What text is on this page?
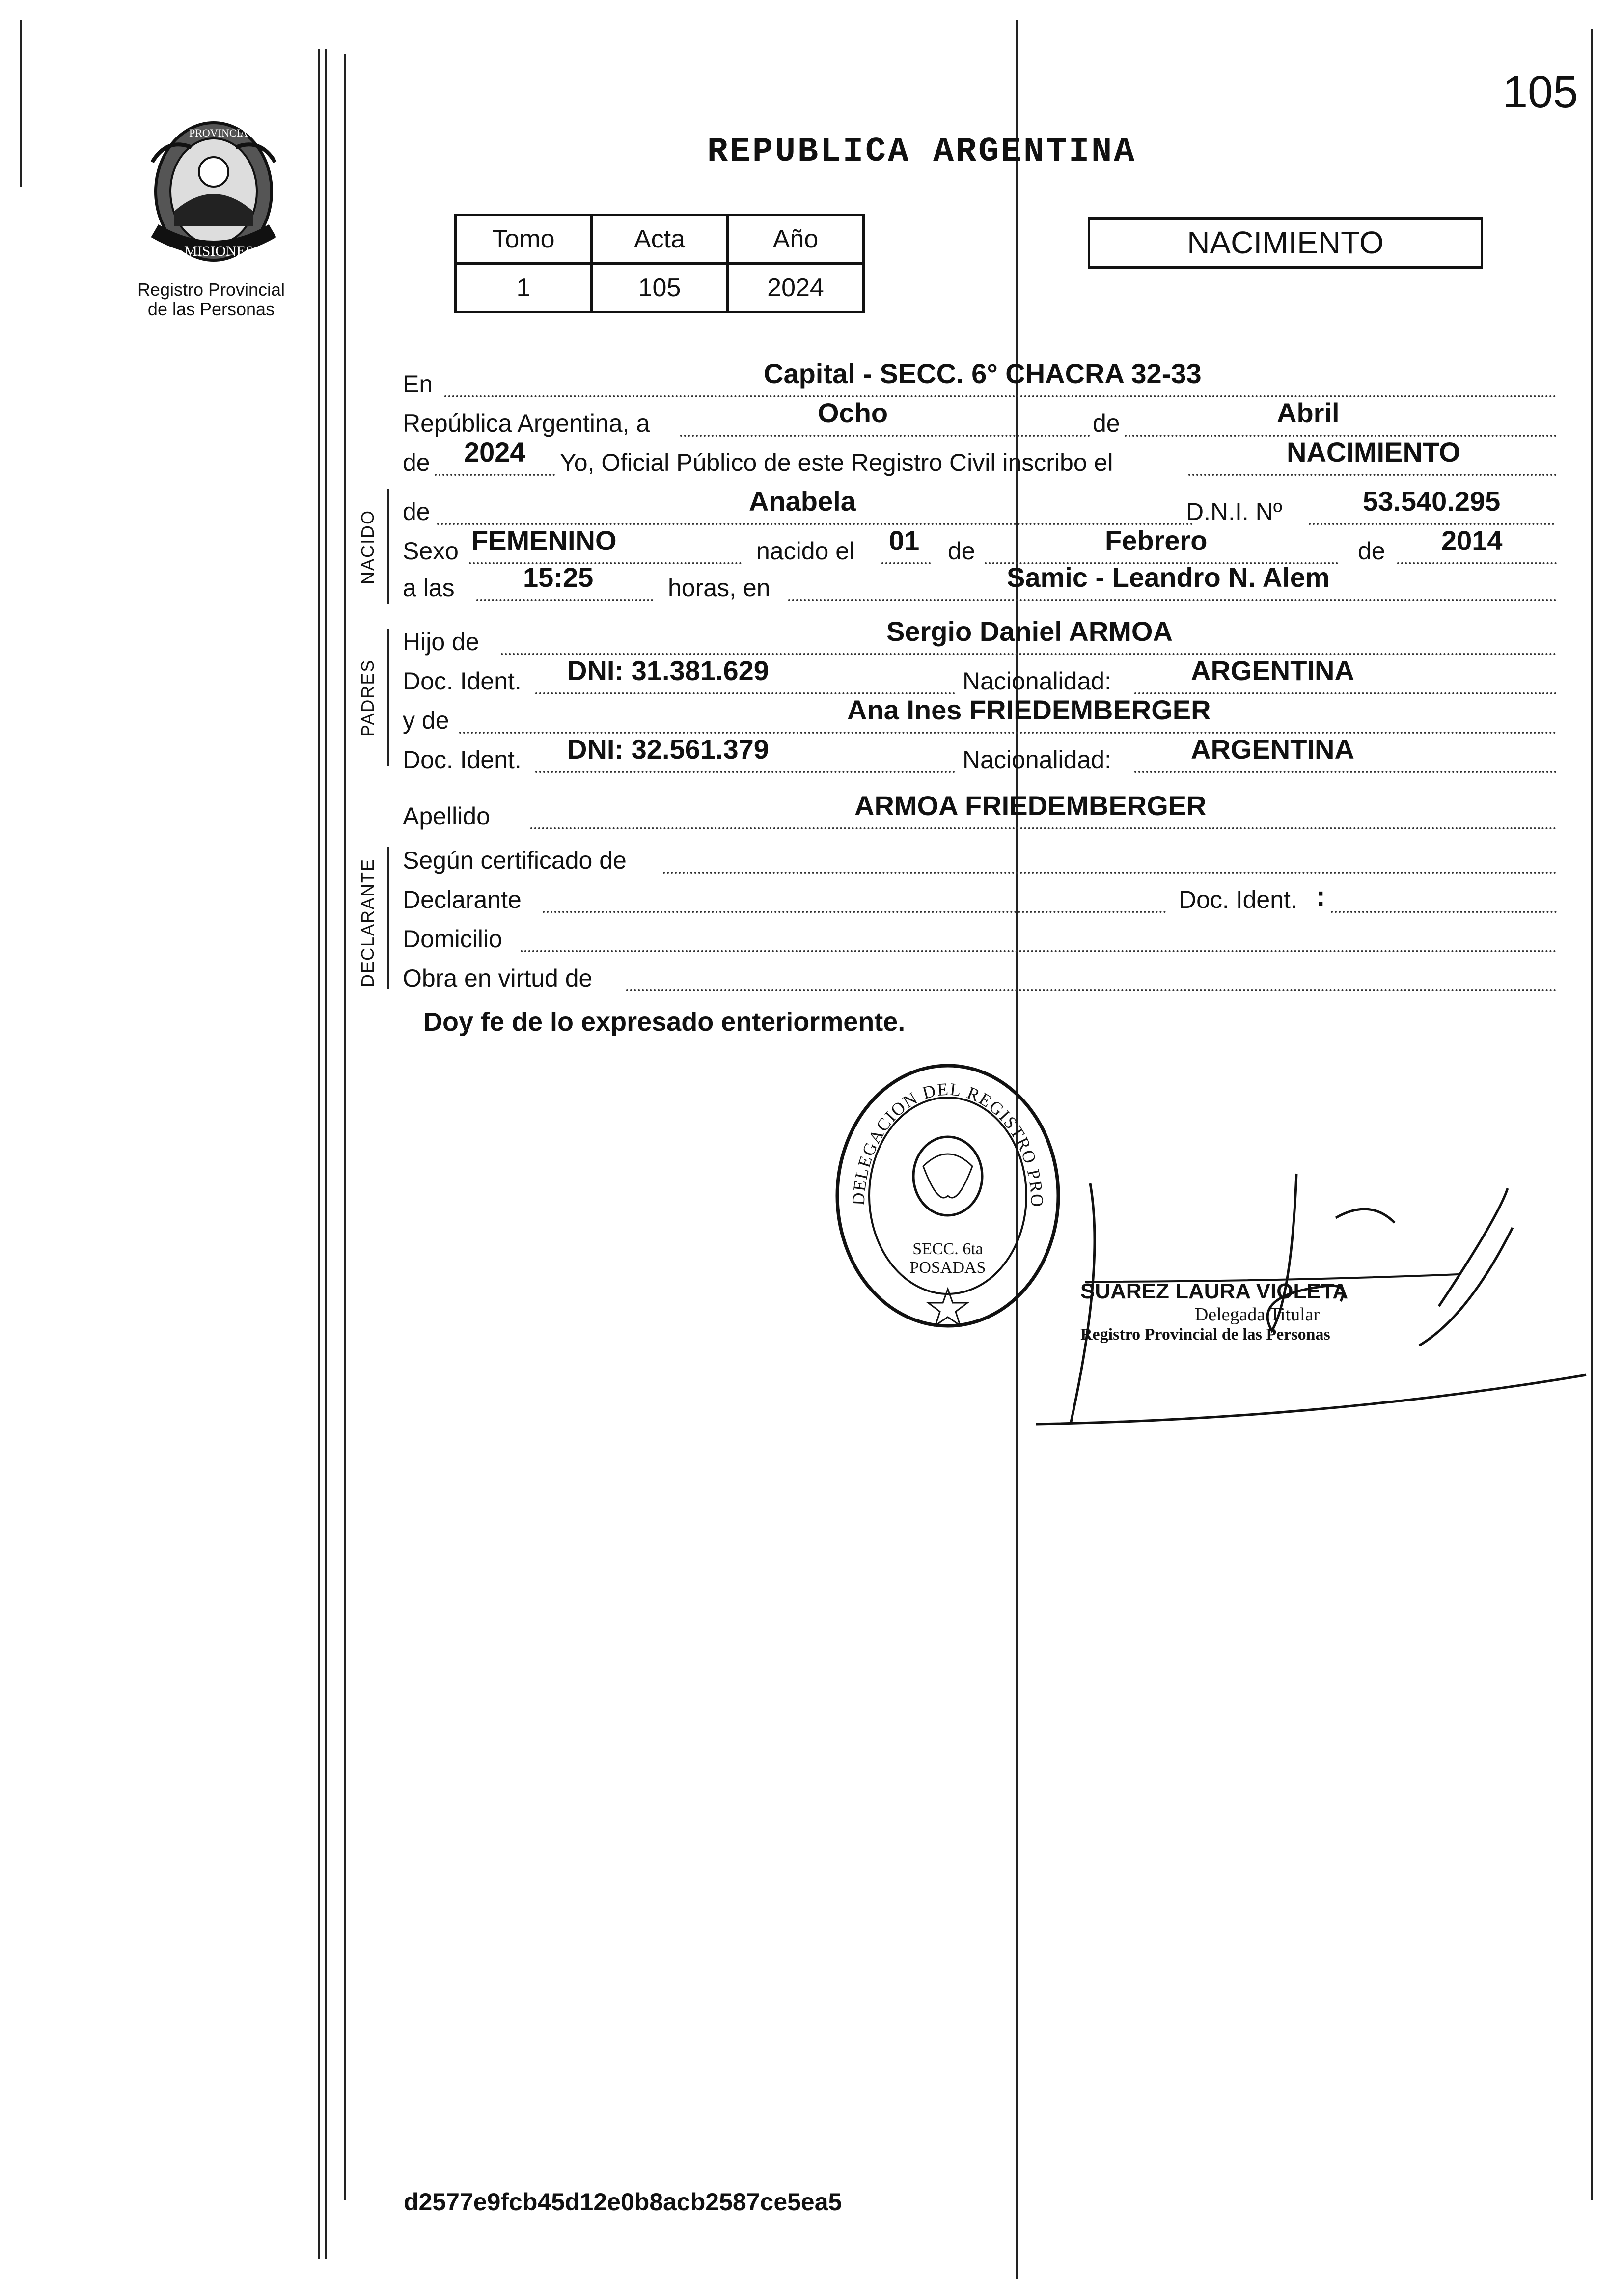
105
PROVINCIA DE
MISIONES
Registro Provincial
de las Personas
REPUBLICA ARGENTINA
Tomo	Acta	Año
1	105	2024
NACIMIENTO
En	Capital - SECC. 6° CHACRA 32-33
República Argentina, a	Ocho	de	Abril
de 2024 Yo, Oficial Público de este Registro Civil inscribo el	NACIMIENTO
NACIDO de	Anabela	D.N.I. Nº	53.540.295
Sexo FEMENINO	nacido el 01 de	Febrero	de 2014
a las 15:25	horas, en	Samic - Leandro N. Alem
PADRES
Hijo de	Sergio Daniel ARMOA
Doc. Ident. DNI: 31.381.629	Nacionalidad:	ARGENTINA
y de	Ana Ines FRIEDEMBERGER
Doc. Ident. DNI: 32.561.379	Nacionalidad:	ARGENTINA
Apellido	ARMOA FRIEDEMBERGER
DECLARANTE Según certificado de
Declarante	Doc. Ident. :
Domicilio
Obra en virtud de
Doy fe de lo expresado enteriormente.
DELEGACION DEL REGISTRO PRO
SECC. 6ta POSADAS
SUAREZ LAURA VIOLETA
Delegada Titular
Registro Provincial de las Personas
d2577e9fcb45d12e0b8acb2587ce5ea5
